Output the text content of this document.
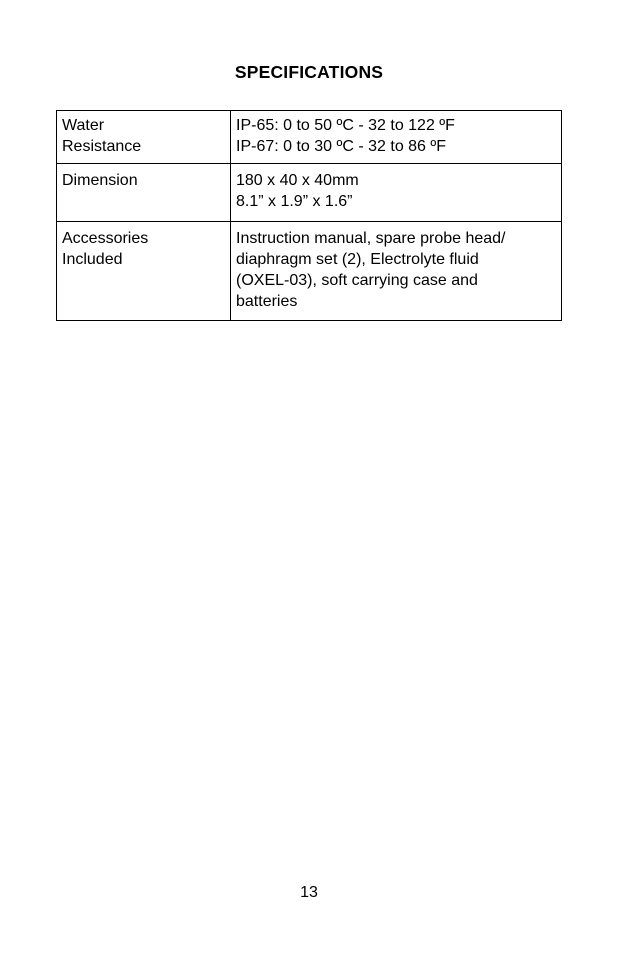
SPECIFICATIONS
Water
Resistance	IP-65: 0 to 50 ºC - 32 to 122 ºF
IP-67: 0 to 30 ºC - 32 to 86 ºF

Dimension	180 x 40 x 40mm
8.1” x 1.9” x 1.6”

Accessories
Included	Instruction manual, spare probe head/
diaphragm set (2), Electrolyte fluid
(OXEL-03), soft carrying case and
batteries
13
